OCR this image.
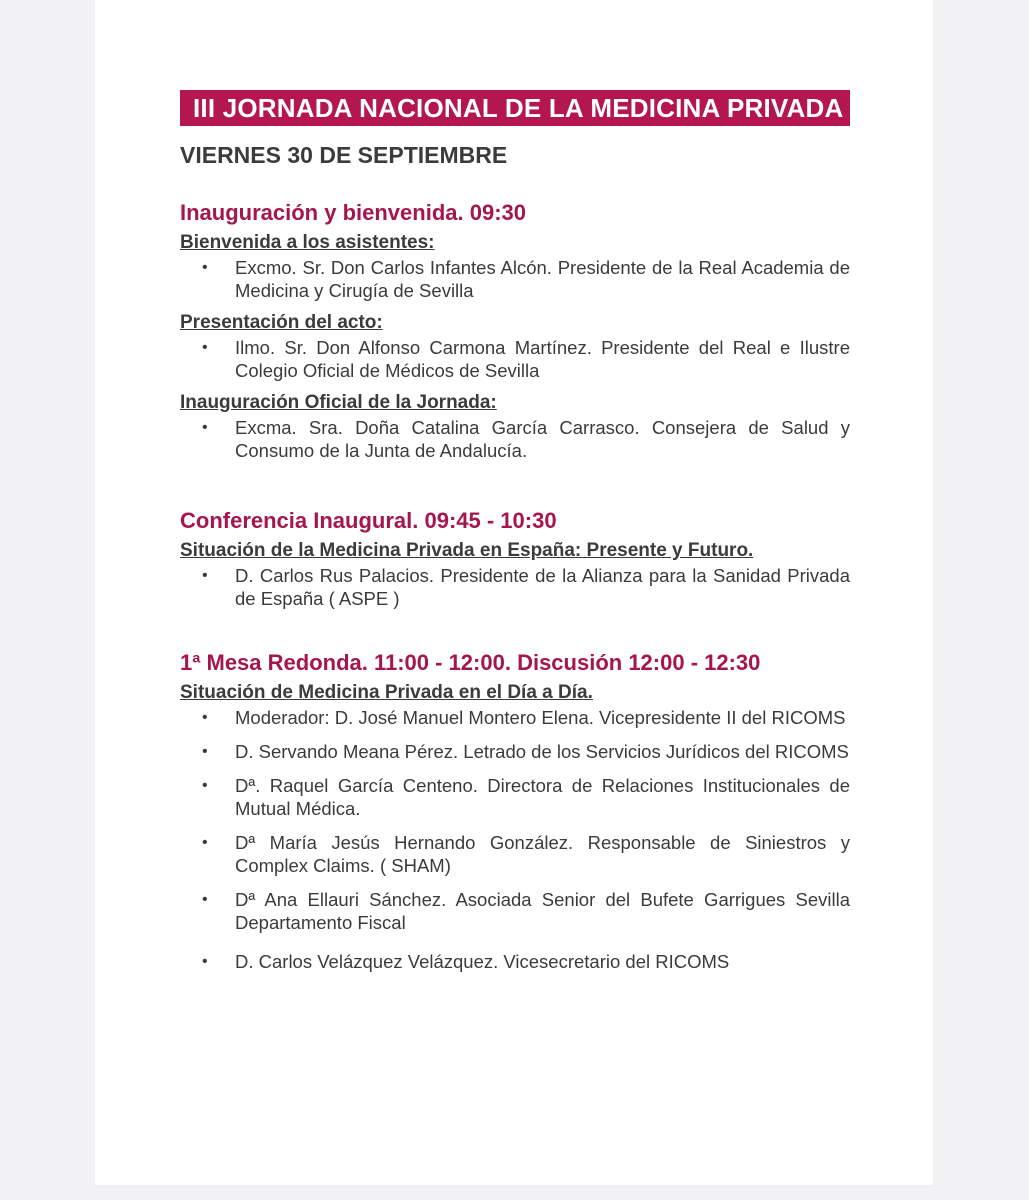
III JORNADA NACIONAL DE LA MEDICINA PRIVADA
VIERNES 30 DE SEPTIEMBRE
Inauguración y bienvenida. 09:30
Bienvenida a los asistentes:
• Excmo. Sr. Don Carlos Infantes Alcón. Presidente de la Real Academia de Medicina y Cirugía de Sevilla
Presentación del acto:
• Ilmo. Sr. Don Alfonso Carmona Martínez. Presidente del Real e Ilustre Colegio Oficial de Médicos de Sevilla
Inauguración Oficial de la Jornada:
• Excma. Sra. Doña Catalina García Carrasco. Consejera de Salud y Consumo de la Junta de Andalucía.
Conferencia Inaugural. 09:45 - 10:30
Situación de la Medicina Privada en España: Presente y Futuro.
• D. Carlos Rus Palacios. Presidente de la Alianza para la Sanidad Privada de España ( ASPE )
1ª Mesa Redonda. 11:00 - 12:00. Discusión 12:00 - 12:30
Situación de Medicina Privada en el Día a Día.
• Moderador: D. José Manuel Montero Elena. Vicepresidente II del RICOMS
• D. Servando Meana Pérez. Letrado de los Servicios Jurídicos del RICOMS
• Dª. Raquel García Centeno. Directora de Relaciones Institucionales de Mutual Médica.
• Dª María Jesús Hernando González. Responsable de Siniestros y Complex Claims. ( SHAM)
• Dª Ana Ellauri Sánchez. Asociada Senior del Bufete Garrigues Sevilla Departamento Fiscal
• D. Carlos Velázquez Velázquez. Vicesecretario del RICOMS
